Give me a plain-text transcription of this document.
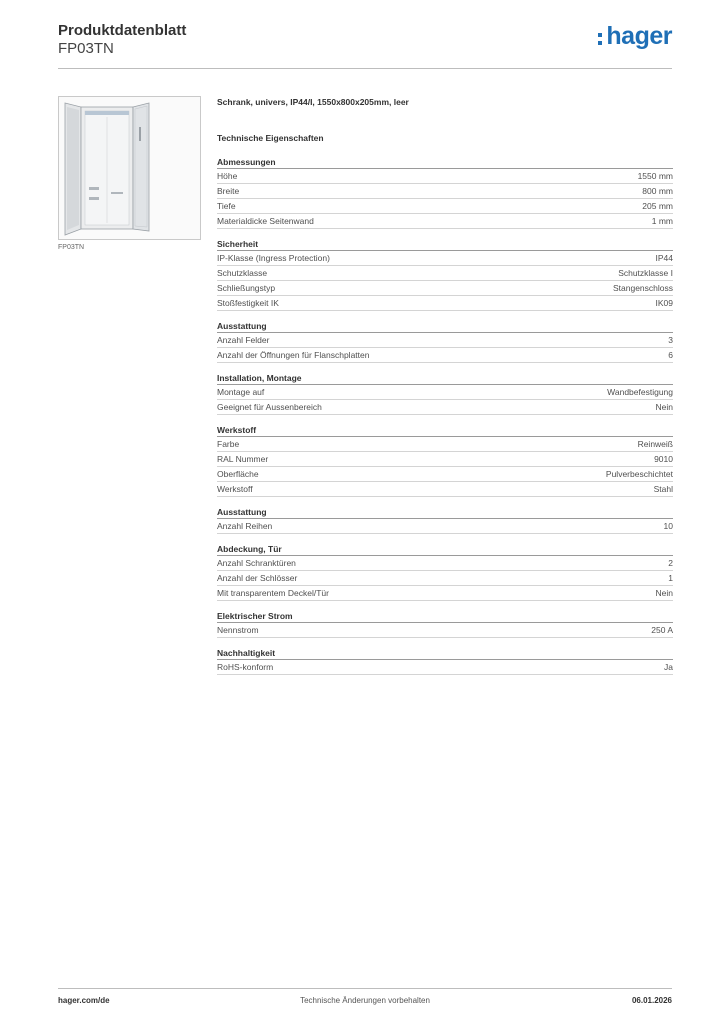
Produktdatenblatt

FP03TN	hager
FP03TN
Schrank, univers, IP44/I, 1550x800x205mm, leer
Technische Eigenschaften
Abmessungen
Höhe	1550 mm
Breite	800 mm
Tiefe	205 mm
Materialdicke Seitenwand	1 mm
Sicherheit
IP-Klasse (Ingress Protection)	IP44
Schutzklasse	Schutzklasse I
Schließungstyp	Stangenschloss
Stoßfestigkeit IK	IK09
Ausstattung
Anzahl Felder	3
Anzahl der Öffnungen für Flanschplatten	6
Installation, Montage
Montage auf	Wandbefestigung
Geeignet für Aussenbereich	Nein
Werkstoff
Farbe	Reinweiß
RAL Nummer	9010
Oberfläche	Pulverbeschichtet
Werkstoff	Stahl
Ausstattung
Anzahl Reihen	10
Abdeckung, Tür
Anzahl Schranktüren	2
Anzahl der Schlösser	1
Mit transparentem Deckel/Tür	Nein
Elektrischer Strom
Nennstrom	250 A
Nachhaltigkeit
RoHS-konform	Ja
hager.com/de	Technische Änderungen vorbehalten	06.01.2026
